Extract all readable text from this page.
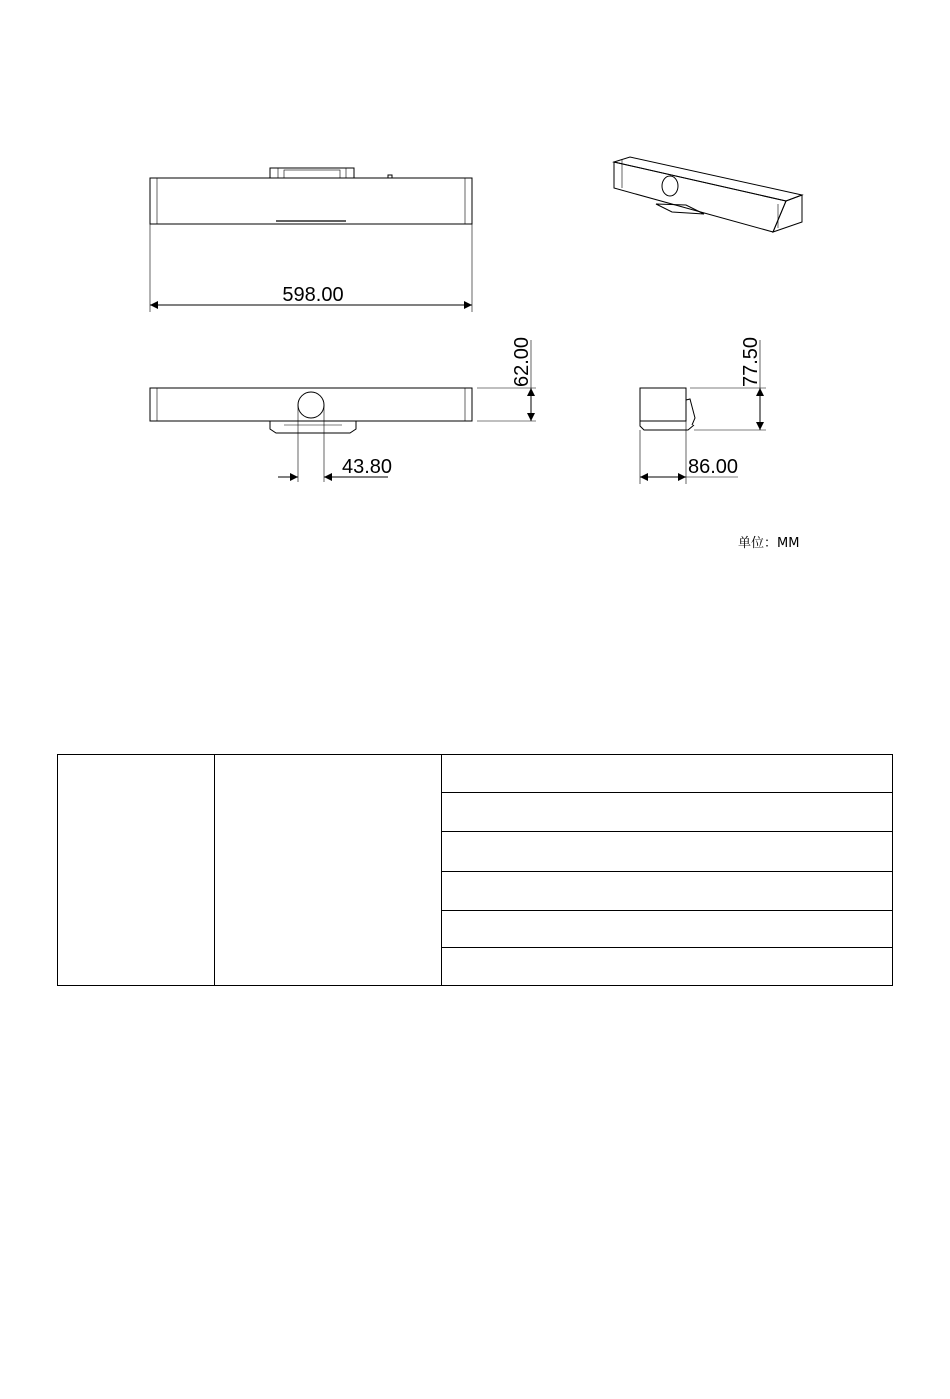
598.00
62.00
43.80
77.50
86.00
单位：MM
